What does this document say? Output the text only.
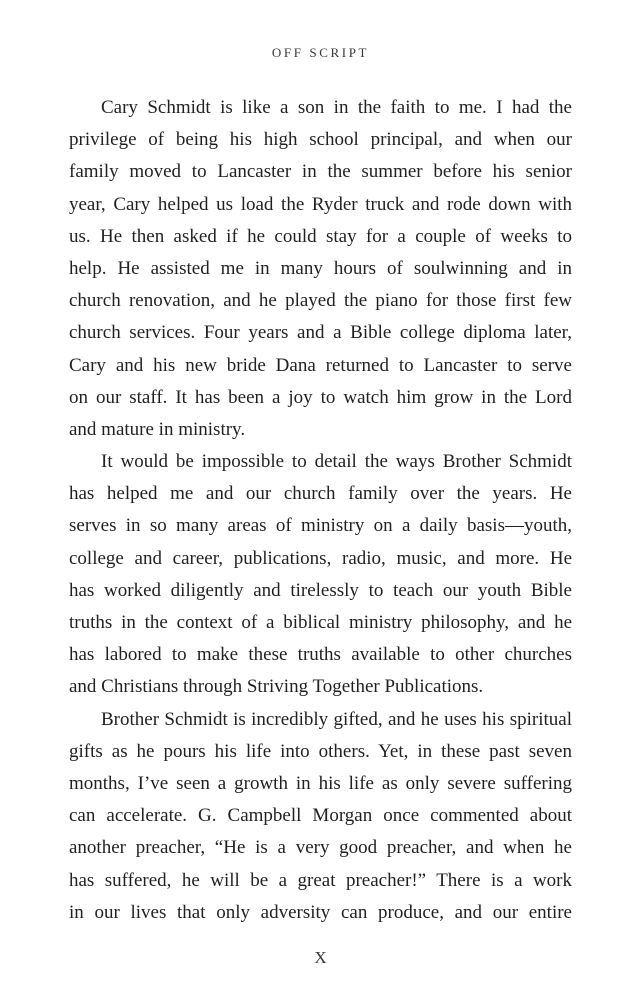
OFF SCRIPT
Cary Schmidt is like a son in the faith to me. I had the
privilege of being his high school principal, and when our
family moved to Lancaster in the summer before his senior
year, Cary helped us load the Ryder truck and rode down with
us. He then asked if he could stay for a couple of weeks to
help. He assisted me in many hours of soulwinning and in
church renovation, and he played the piano for those first few
church services. Four years and a Bible college diploma later,
Cary and his new bride Dana returned to Lancaster to serve
on our staff. It has been a joy to watch him grow in the Lord
and mature in ministry.
It would be impossible to detail the ways Brother Schmidt
has helped me and our church family over the years. He
serves in so many areas of ministry on a daily basis—youth,
college and career, publications, radio, music, and more. He
has worked diligently and tirelessly to teach our youth Bible
truths in the context of a biblical ministry philosophy, and he
has labored to make these truths available to other churches
and Christians through Striving Together Publications.
Brother Schmidt is incredibly gifted, and he uses his spiritual
gifts as he pours his life into others. Yet, in these past seven
months, I’ve seen a growth in his life as only severe suffering
can accelerate. G. Campbell Morgan once commented about
another preacher, “He is a very good preacher, and when he
has suffered, he will be a great preacher!” There is a work
in our lives that only adversity can produce, and our entire
X
